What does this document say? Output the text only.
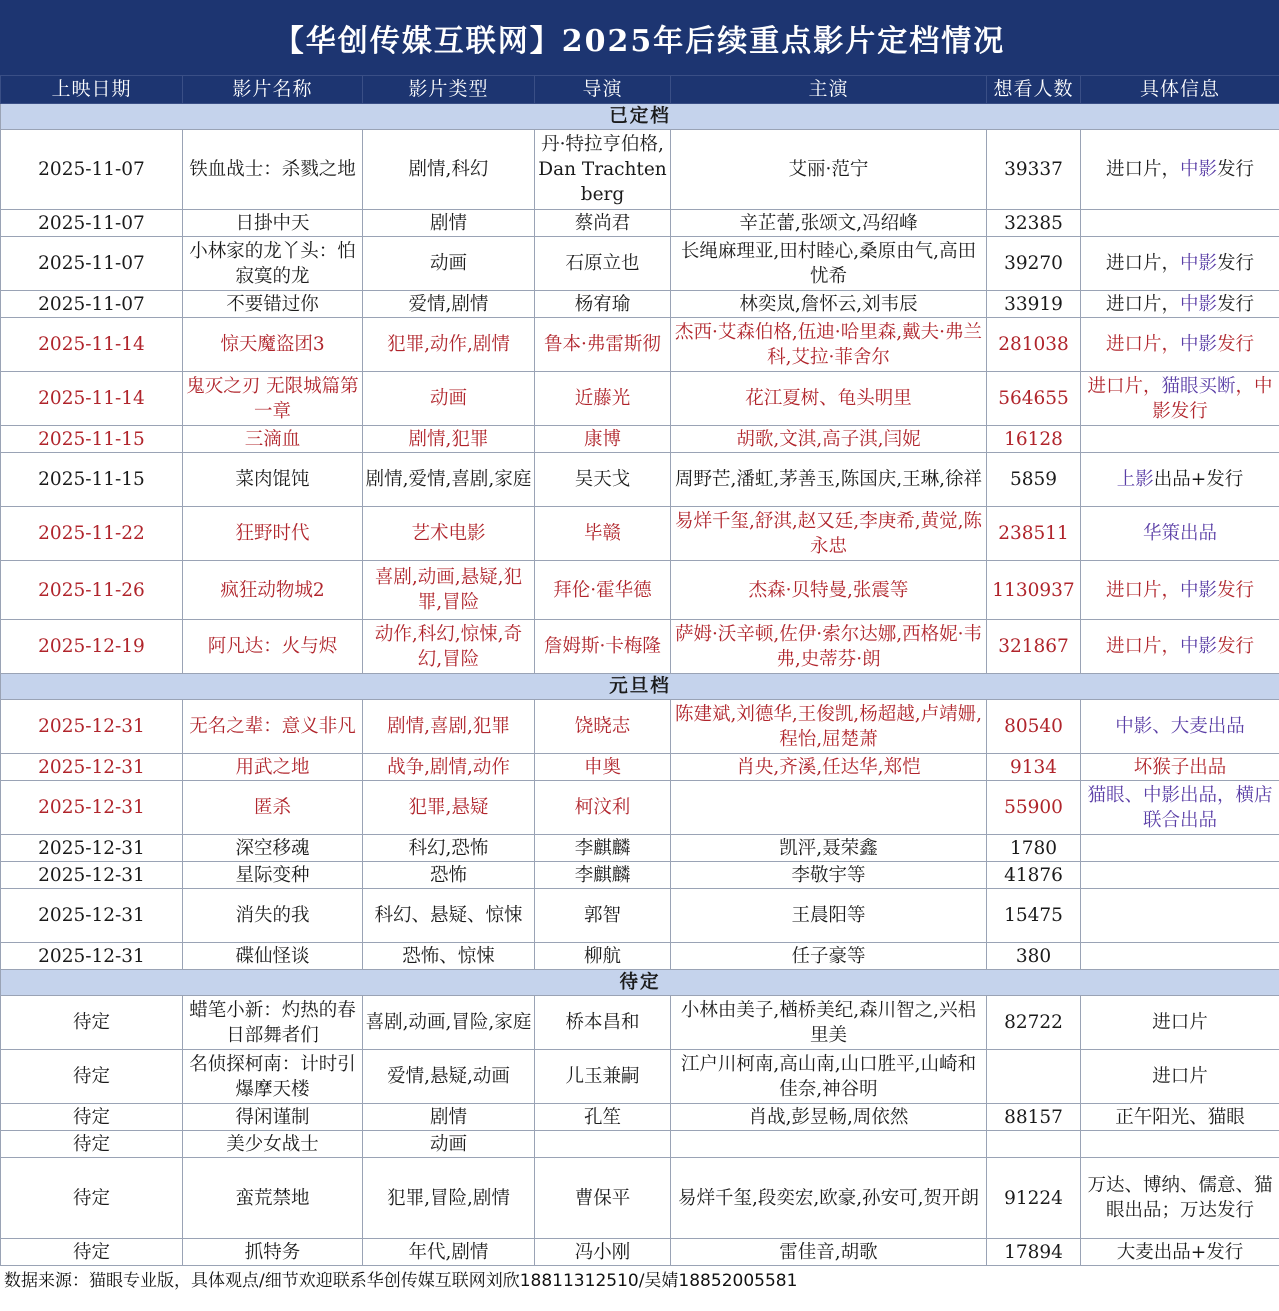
【华创传媒互联网】2025年后续重点影片定档情况
上映日期	影片名称	影片类型	导演	主演	想看人数	具体信息
已定档						
2025-11-07	铁血战士：杀戮之地	剧情,科幻	丹·特拉亨伯格,Dan Trachtenberg	艾丽·范宁	39337	进口片，中影发行
2025-11-07	日掛中天	剧情	蔡尚君	辛芷蕾,张颂文,冯绍峰	32385	
2025-11-07	小林家的龙丫头：怕寂寞的龙	动画	石原立也	长绳麻理亚,田村睦心,桑原由气,高田忧希	39270	进口片，中影发行
2025-11-07	不要错过你	爱情,剧情	杨宥瑜	林奕岚,詹怀云,刘韦辰	33919	进口片，中影发行
2025-11-14	惊天魔盗团3	犯罪,动作,剧情	鲁本·弗雷斯彻	杰西·艾森伯格,伍迪·哈里森,戴夫·弗兰科,艾拉·菲舍尔	281038	进口片，中影发行
2025-11-14	鬼灭之刃 无限城篇第一章	动画	近藤光	花江夏树、龟头明里	564655	进口片，猫眼买断，中影发行
2025-11-15	三滴血	剧情,犯罪	康博	胡歌,文淇,高子淇,闫妮	16128	
2025-11-15	菜肉馄饨	剧情,爱情,喜剧,家庭	吴天戈	周野芒,潘虹,茅善玉,陈国庆,王琳,徐祥	5859	上影出品+发行
2025-11-22	狂野时代	艺术电影	毕赣	易烊千玺,舒淇,赵又廷,李庚希,黄觉,陈永忠	238511	华策出品
2025-11-26	疯狂动物城2	喜剧,动画,悬疑,犯罪,冒险	拜伦·霍华德	杰森·贝特曼,张震等	1130937	进口片，中影发行
2025-12-19	阿凡达：火与烬	动作,科幻,惊悚,奇幻,冒险	詹姆斯·卡梅隆	萨姆·沃辛顿,佐伊·索尔达娜,西格妮·韦弗,史蒂芬·朗	321867	进口片，中影发行
元旦档						
2025-12-31	无名之辈：意义非凡	剧情,喜剧,犯罪	饶晓志	陈建斌,刘德华,王俊凯,杨超越,卢靖姗,程怡,屈楚萧	80540	中影、大麦出品
2025-12-31	用武之地	战争,剧情,动作	申奥	肖央,齐溪,任达华,郑恺	9134	坏猴子出品
2025-12-31	匿杀	犯罪,悬疑	柯汶利		55900	猫眼、中影出品，横店联合出品
2025-12-31	深空移魂	科幻,恐怖	李麒麟	凯泙,聂荣鑫	1780	
2025-12-31	星际变种	恐怖	李麒麟	李敬宇等	41876	
2025-12-31	消失的我	科幻、悬疑、惊悚	郭智	王晨阳等	15475	
2025-12-31	碟仙怪谈	恐怖、惊悚	柳航	任子豪等	380	
待定						
待定	蜡笔小新：灼热的春日部舞者们	喜剧,动画,冒险,家庭	桥本昌和	小林由美子,楢桥美纪,森川智之,兴梠里美	82722	进口片
待定	名侦探柯南：计时引爆摩天楼	爱情,悬疑,动画	儿玉兼嗣	江户川柯南,高山南,山口胜平,山崎和佳奈,神谷明		进口片
待定	得闲谨制	剧情	孔笙	肖战,彭昱畅,周依然	88157	正午阳光、猫眼
待定	美少女战士	动画				
待定	蛮荒禁地	犯罪,冒险,剧情	曹保平	易烊千玺,段奕宏,欧豪,孙安可,贺开朗	91224	万达、博纳、儒意、猫眼出品；万达发行
待定	抓特务	年代,剧情	冯小刚	雷佳音,胡歌	17894	大麦出品+发行
数据来源：猫眼专业版，具体观点/细节欢迎联系华创传媒互联网刘欣18811312510/吴婧18852005581
